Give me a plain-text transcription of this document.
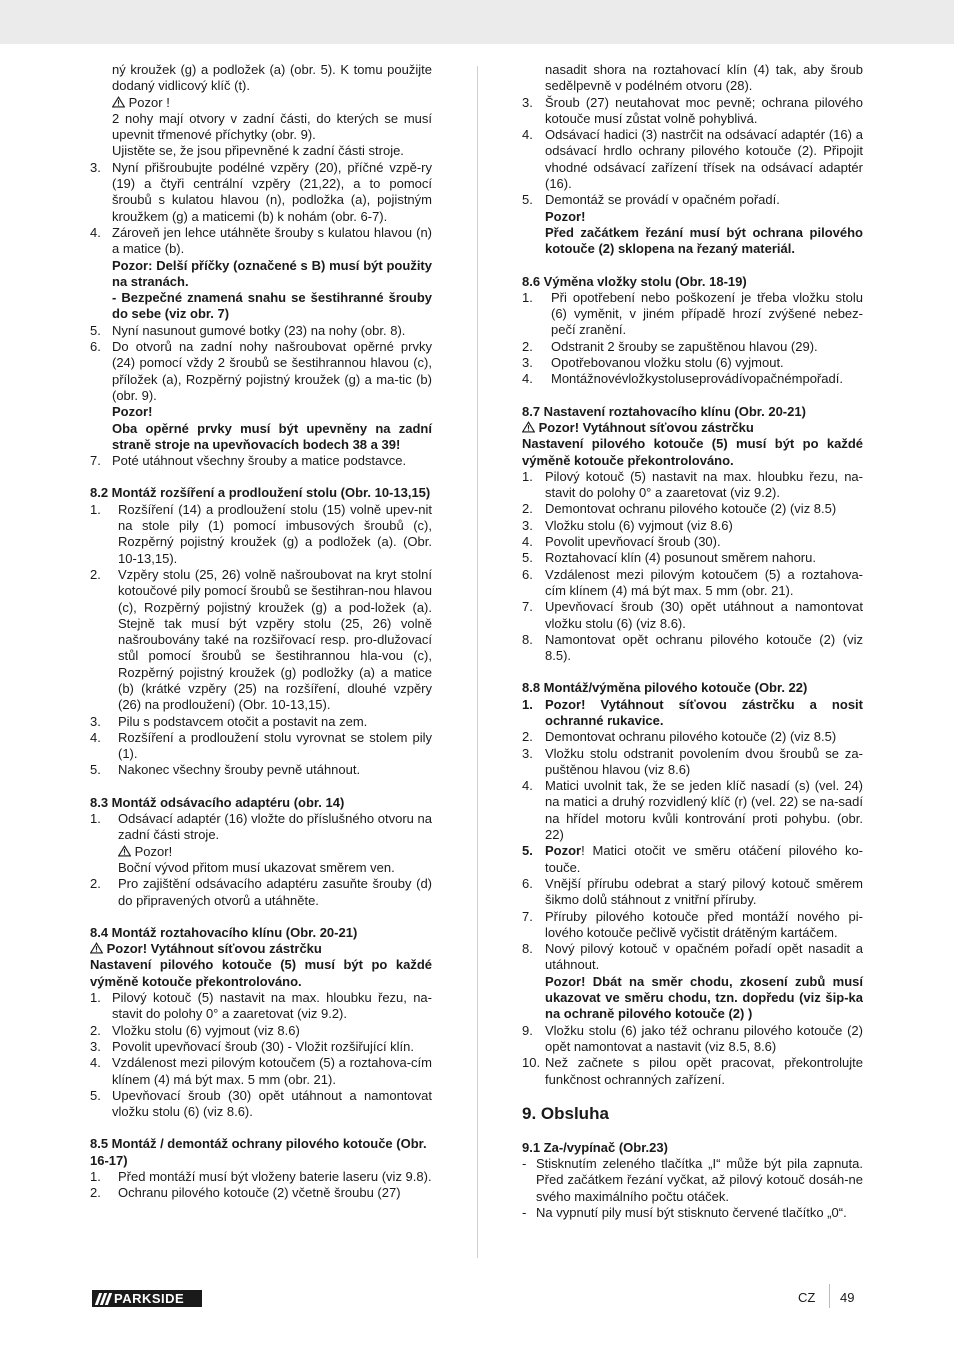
ný kroužek (g) a podložek (a) (obr. 5). K tomu použijte dodaný vidlicový klíč (t).
Pozor !
2 nohy mají otvory v zadní části, do kterých se musí upevnit třmenové příchytky (obr. 9).
Ujistěte se, že jsou připevněné k zadní části stroje.
3. Nyní přišroubujte podélné vzpěry (20), příčné vzpě-ry (19) a čtyři centrální vzpěry (21,22), a to pomocí šroubů s kulatou hlavou (n), podložka (a), pojistným kroužkem (g) a maticemi (b) k nohám (obr. 6-7).
4. Zároveň jen lehce utáhněte šrouby s kulatou hlavou (n) a matice (b).
Pozor: Delší příčky (označené s B) musí být použity na stranách.
- Bezpečné znamená snahu se šestihranné šrouby do sebe (viz obr. 7)
5. Nyní nasunout gumové botky (23) na nohy (obr. 8).
6. Do otvorů na zadní nohy našroubovat opěrné prvky (24) pomocí vždy 2 šroubů se šestihrannou hlavou (c), příložek (a), Rozpěrný pojistný kroužek (g) a ma-tic (b) (obr. 9).
Pozor!
Oba opěrné prvky musí být upevněny na zadní straně stroje na upevňovacích bodech 38 a 39!
7. Poté utáhnout všechny šrouby a matice podstavce.
8.2 Montáž rozšíření a prodloužení stolu (Obr. 10-13,15)
1.	Rozšíření (14) a prodloužení stolu (15) volně upev-nit na stole pily (1) pomocí imbusových šroubů (c), Rozpěrný pojistný kroužek (g) a podložek (a). (Obr. 10-13,15).
2.	Vzpěry stolu (25, 26) volně našroubovat na kryt stolní kotoučové pily pomocí šroubů se šestihran-nou hlavou (c), Rozpěrný pojistný kroužek (g) a pod-ložek (a). Stejně tak musí být vzpěry stolu (25, 26) volně našroubovány také na rozšiřovací resp. pro-dlužovací stůl pomocí šroubů se šestihrannou hla-vou (c), Rozpěrný pojistný kroužek (g) podložky (a) a matice (b) (krátké vzpěry (25) na rozšíření, dlouhé vzpěry (26) na prodloužení) (Obr. 10-13,15).
3.	Pilu s podstavcem otočit a postavit na zem.
4.	Rozšíření a prodloužení stolu vyrovnat se stolem pily (1).
5.	Nakonec všechny šrouby pevně utáhnout.
8.3 Montáž odsávacího adaptéru (obr. 14)
1.	Odsávací adaptér (16) vložte do příslušného otvoru na zadní části stroje.
Pozor!
Boční vývod přitom musí ukazovat směrem ven.
2.	Pro zajištění odsávacího adaptéru zasuňte šrouby (d) do připravených otvorů a utáhněte.
8.4 Montáž roztahovacího klínu (Obr. 20-21)
Pozor! Vytáhnout síťovou zástrčku
Nastavení pilového kotouče (5) musí být po každé výměně kotouče překontrolováno.
1. Pilový kotouč (5) nastavit na max. hloubku řezu, na-stavit do polohy 0° a zaaretovat (viz 9.2).
2. Vložku stolu (6) vyjmout (viz 8.6)
3. Povolit upevňovací šroub (30) - Vložit rozšiřující klín.
4. Vzdálenost mezi pilovým kotoučem (5) a roztahova-cím klínem (4) má být max. 5 mm (obr. 21).
5. Upevňovací šroub (30) opět utáhnout a namontovat vložku stolu (6) (viz 8.6).
8.5 Montáž / demontáž ochrany pilového kotouče (Obr. 16-17)
1.	Před montáží musí být vloženy baterie laseru (viz 9.8).
2.	Ochranu pilového kotouče (2) včetně šroubu (27)
nasadit shora na roztahovací klín (4) tak, aby šroub sedělpevně v podélném otvoru (28).
3. Šroub (27) neutahovat moc pevně; ochrana pilového kotouče musí zůstat volně pohyblivá.
4. Odsávací hadici (3) nastrčit na odsávací adaptér (16) a odsávací hrdlo ochrany pilového kotouče (2). Připojit vhodné odsávací zařízení třísek na odsávací adaptér (16).
5. Demontáž se provádí v opačném pořadí.
Pozor!
Před začátkem řezání musí být ochrana pilového kotouče (2) sklopena na řezaný materiál.
8.6 Výměna vložky stolu (Obr. 18-19)
1.	Při opotřebení nebo poškození je třeba vložku stolu (6) vyměnit, v jiném případě hrozí zvýšené nebez-pečí zranění.
2.	Odstranit 2 šrouby se zapuštěnou hlavou (29).
3.	Opotřebovanou vložku stolu (6) vyjmout.
4.	Montážnovévložkystoluseprovádívopačnémpořadí.
8.7 Nastavení roztahovacího klínu (Obr. 20-21)
Pozor! Vytáhnout síťovou zástrčku
Nastavení pilového kotouče (5) musí být po každé výměně kotouče překontrolováno.
1. Pilový kotouč (5) nastavit na max. hloubku řezu, na-stavit do polohy 0° a zaaretovat (viz 9.2).
2. Demontovat ochranu pilového kotouče (2) (viz 8.5)
3. Vložku stolu (6) vyjmout (viz 8.6)
4. Povolit upevňovací šroub (30).
5. Roztahovací klín (4) posunout směrem nahoru.
6. Vzdálenost mezi pilovým kotoučem (5) a roztahova-cím klínem (4) má být max. 5 mm (obr. 21).
7. Upevňovací šroub (30) opět utáhnout a namontovat vložku stolu (6) (viz 8.6).
8. Namontovat opět ochranu pilového kotouče (2) (viz 8.5).
8.8 Montáž/výměna pilového kotouče (Obr. 22)
1. Pozor! Vytáhnout síťovou zástrčku a nosit ochranné rukavice.
2. Demontovat ochranu pilového kotouče (2) (viz 8.5)
3. Vložku stolu odstranit povolením dvou šroubů se za-puštěnou hlavou (viz 8.6)
4. Matici uvolnit tak, že se jeden klíč nasadí (s) (vel. 24) na matici a druhý rozvidlený klíč (r) (vel. 22) se na-sadí na hřídel motoru kvůli kontrování proti pohybu. (obr. 22)
5. Pozor! Matici otočit ve směru otáčení pilového ko-touče.
6. Vnější přírubu odebrat a starý pilový kotouč směrem šikmo dolů stáhnout z vnitřní příruby.
7. Příruby pilového kotouče před montáží nového pi-lového kotouče pečlivě vyčistit drátěným kartáčem.
8. Nový pilový kotouč v opačném pořadí opět nasadit a utáhnout.
Pozor! Dbát na směr chodu, zkosení zubů musí ukazovat ve směru chodu, tzn. dopředu (viz šip-ka na ochraně pilového kotouče (2) )
9. Vložku stolu (6) jako též ochranu pilového kotouče (2) opět namontovat a nastavit (viz 8.5, 8.6)
10. Než začnete s pilou opět pracovat, překontrolujte funkčnost ochranných zařízení.
9. Obsluha
9.1 Za-/vypínač (Obr.23)
- Stisknutím zeleného tlačítka „I“ může být pila zapnuta. Před začátkem řezání vyčkat, až pilový kotouč dosáh-ne svého maximálního počtu otáček.
- Na vypnutí pily musí být stisknuto červené tlačítko „0“.
PARKSIDE	CZ 49
